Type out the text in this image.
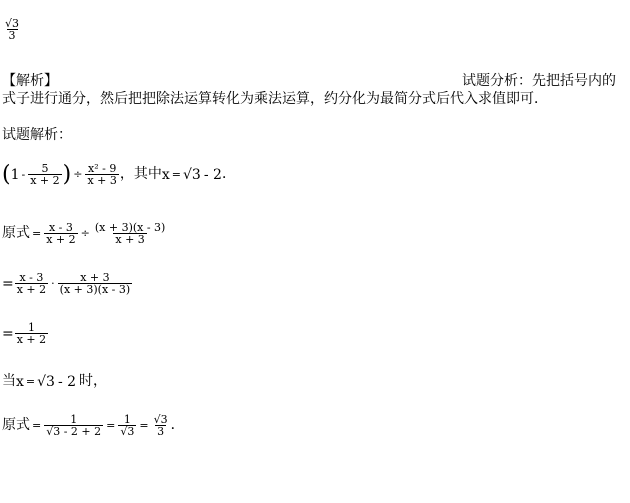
$\frac{√3}{3}$
【解析】	试题分析：先把括号内的
式子进行通分，然后把把除法运算转化为乘法运算，约分化为最简分式后代入求值即可．
试题解析：
( $1 - \frac{5}{x + 2}$ ) ÷ $\frac{\text{x² - 9}}{x + 3}$ ，其中 x = √3 - 2 ．
原式 = $\frac{x - 3}{x + 2} \div \frac{(x + 3)(x - 3)}{x + 3}$
= $\frac{x - 3}{x + 2} \cdot \frac{x + 3}{(x + 3)(x - 3)}$
= $\frac{1}{x + 2}$
当 x = √3 - 2 时，
原式 = $\frac{1}{√3 - 2 + 2} = \frac{1}{√3} = \frac{√3}{3}$ ．
